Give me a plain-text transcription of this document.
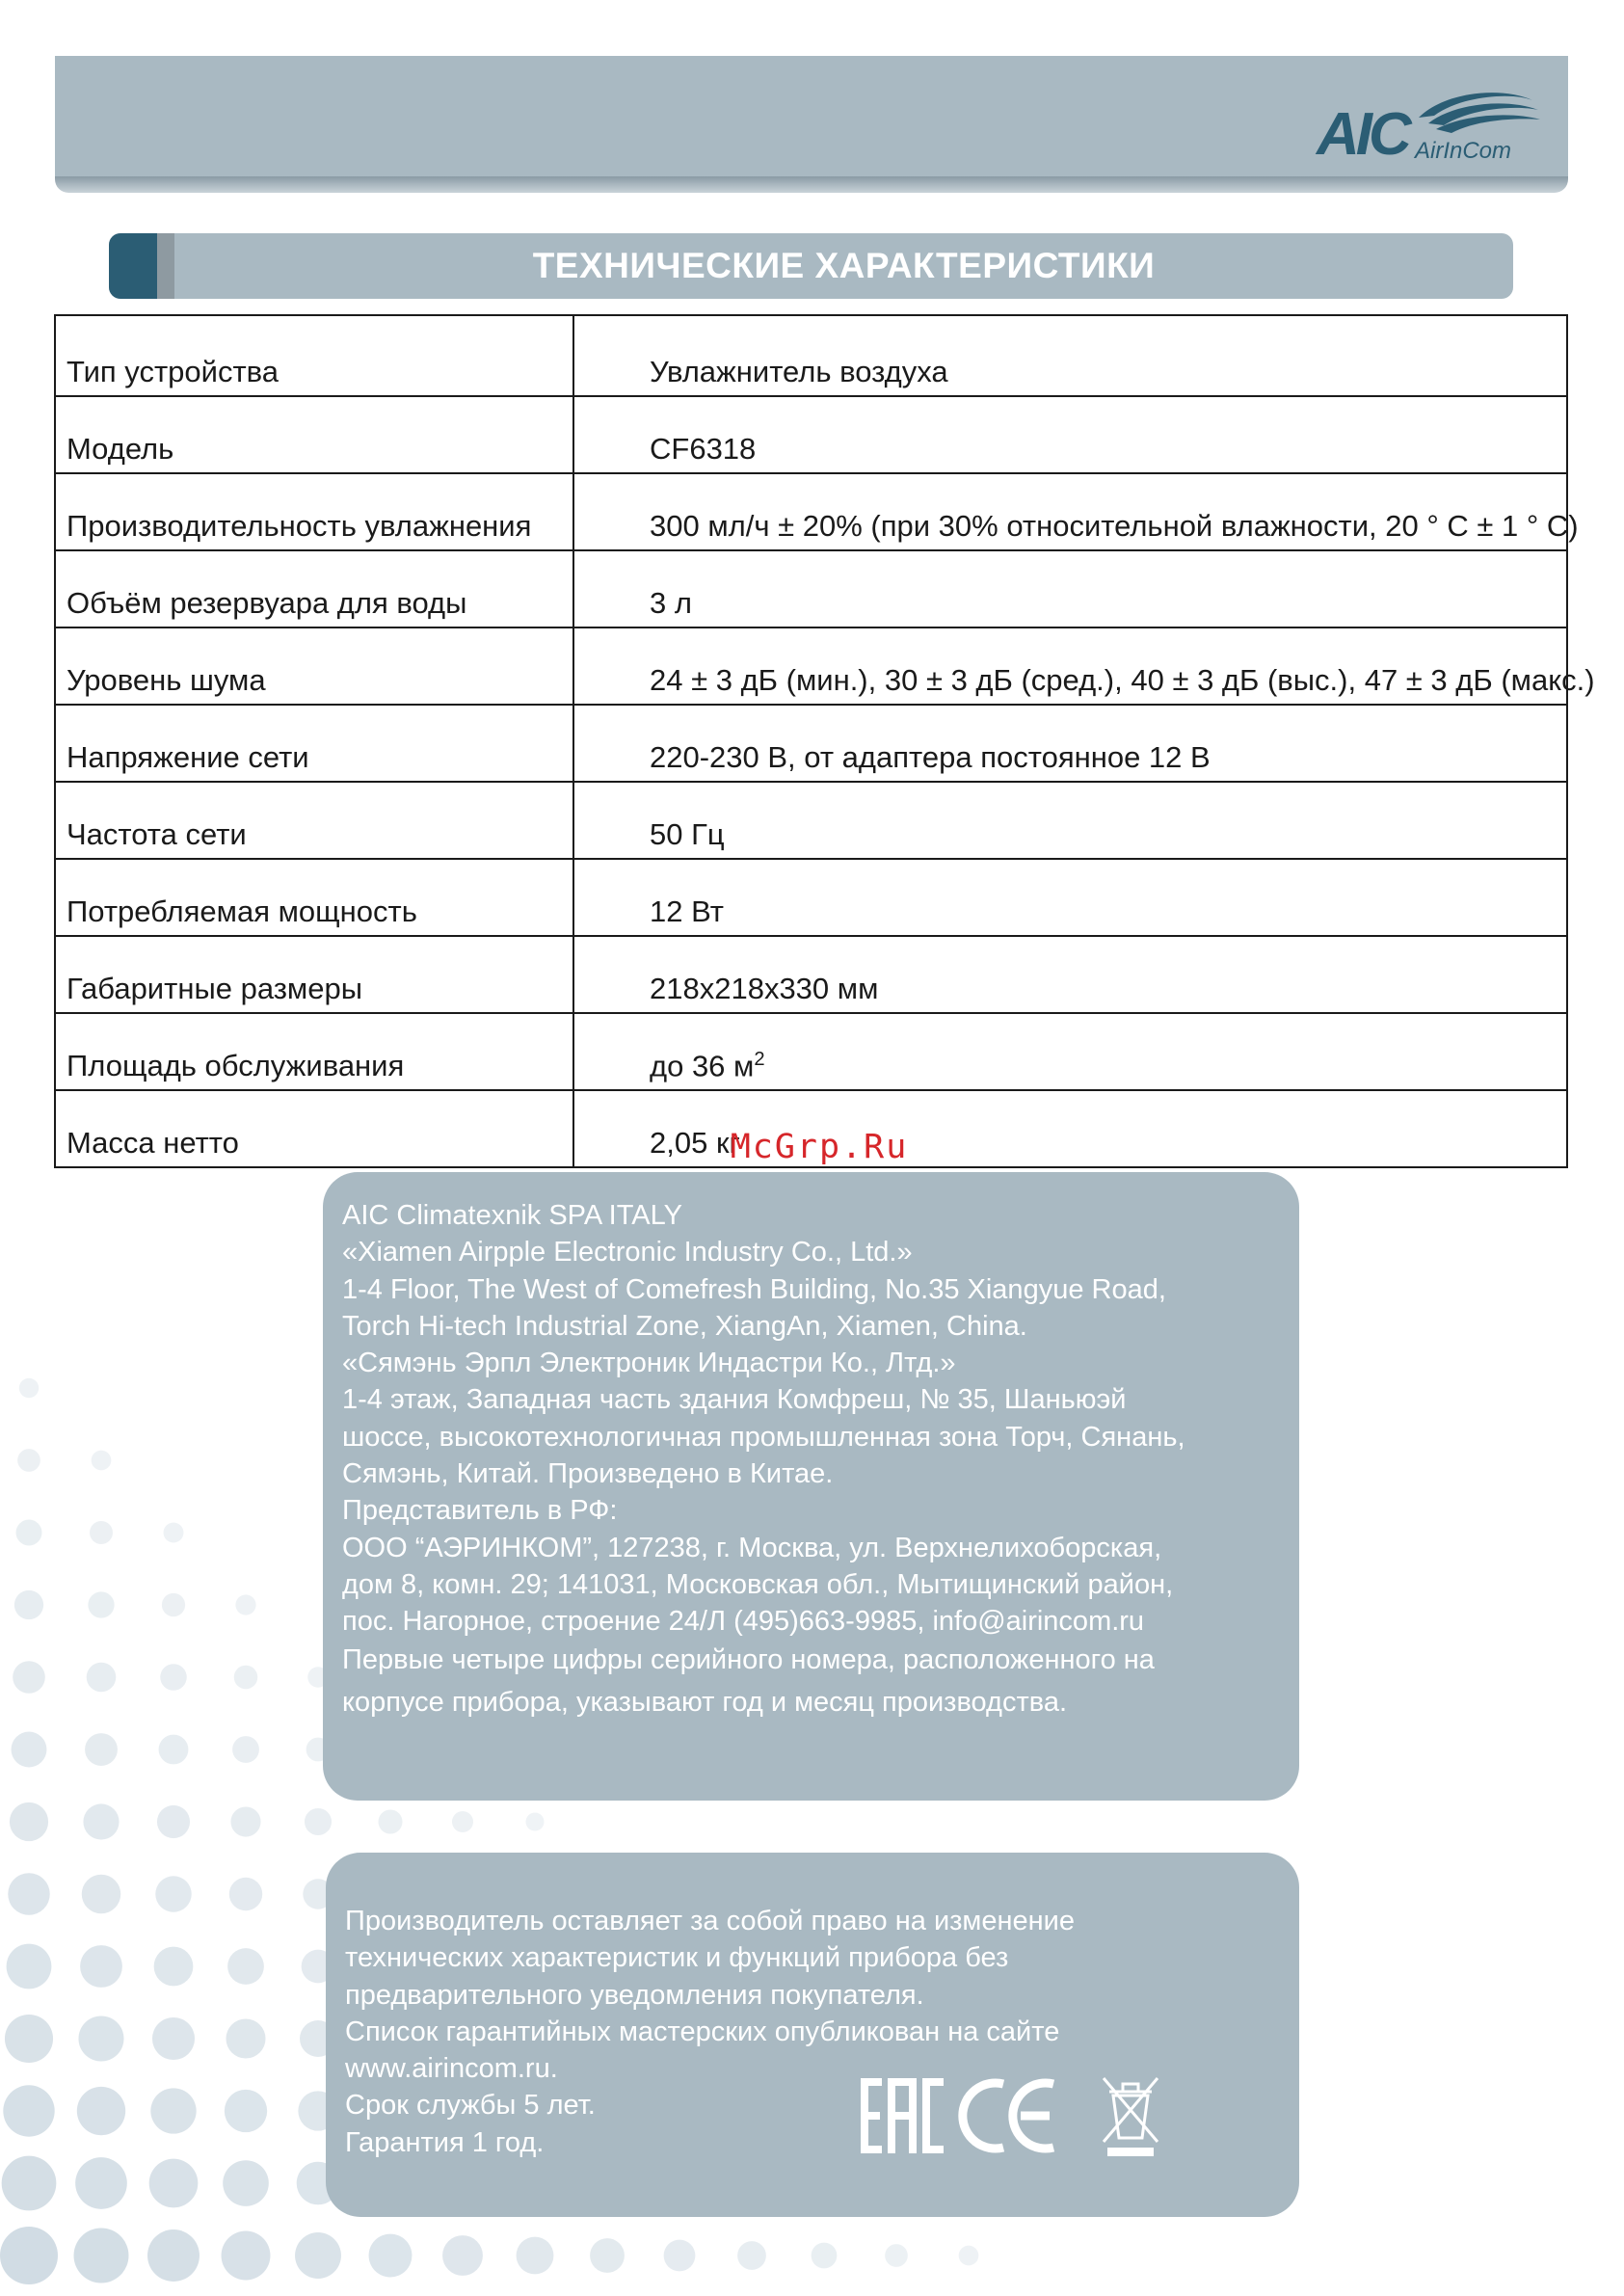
AIC AirInCom
ТЕХНИЧЕСКИЕ ХАРАКТЕРИСТИКИ
Тип устройства	Увлажнитель воздуха
Модель	CF6318
Производительность увлажнения	300 мл/ч ± 20% (при 30% относительной влажности, 20 ° С ± 1 ° С)
Объём резервуара для воды	3 л
Уровень шума	24 ± 3 дБ (мин.), 30 ± 3 дБ (сред.), 40 ± 3 дБ (выс.), 47 ± 3 дБ (макс.)
Напряжение сети	220-230 В, от адаптера постоянное 12 В
Частота сети	50 Гц
Потребляемая мощность	12 Вт
Габаритные размеры	218х218х330 мм
Площадь обслуживания	до 36 $м^2$
Масса нетто	2,05 кг
McGrp.Ru
AIC Climatexnik SPA ITALY
«Xiamen Airpple Electronic Industry Co., Ltd.»
1-4 Floor, The West of Comefresh Building, No.35 Xiangyue Road,
Torch Hi-tech Industrial Zone, XiangAn, Xiamen, China.
«Сямэнь Эрпл Электроник Индастри Ко., Лтд.»
1-4 этаж, Западная часть здания Комфреш, № 35, Шаньюэй
шоссе, высокотехнологичная промышленная зона Торч, Сянань,
Сямэнь, Китай. Произведено в Китае.
Представитель в РФ:
ООО “АЭРИНКОМ”, 127238, г. Москва, ул. Верхнелихоборская,
дом 8, комн. 29; 141031, Московская обл., Мытищинский район,
пос. Нагорное, строение 24/Л (495)663-9985, info@airincom.ru
Первые четыре цифры серийного номера, расположенного на
корпусе прибора, указывают год и месяц производства.
Производитель оставляет за собой право на изменение
технических характеристик и функций прибора без
предварительного уведомления покупателя.
Список гарантийных мастерских опубликован на сайте
www.airincom.ru.
Срок службы 5 лет.
Гарантия 1 год.
